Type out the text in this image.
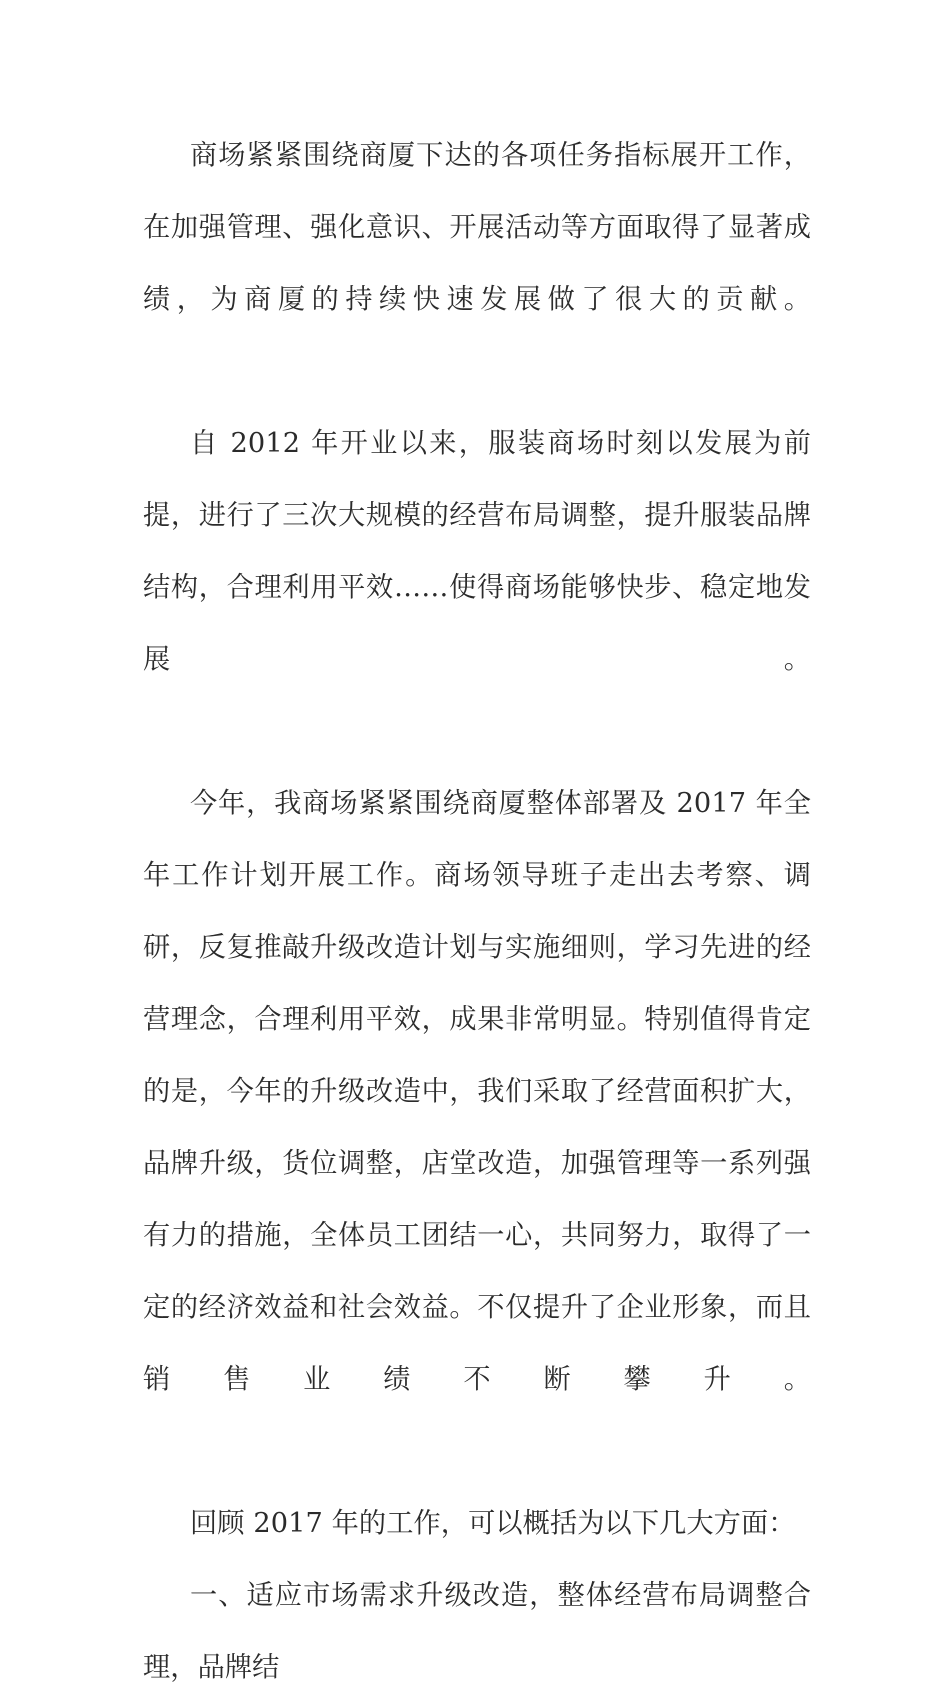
商场紧紧围绕商厦下达的各项任务指标展开工作，在加强管理、强化意识、开展活动等方面取得了显著成绩，为商厦的持续快速发展做了很大的贡献。

自 2012 年开业以来，服装商场时刻以发展为前提，进行了三次大规模的经营布局调整，提升服装品牌结构，合理利用平效……使得商场能够快步、稳定地发展。

今年，我商场紧紧围绕商厦整体部署及 2017 年全年工作计划开展工作。商场领导班子走出去考察、调研，反复推敲升级改造计划与实施细则，学习先进的经营理念，合理利用平效，成果非常明显。特别值得肯定的是，今年的升级改造中，我们采取了经营面积扩大，品牌升级，货位调整，店堂改造，加强管理等一系列强有力的措施，全体员工团结一心，共同努力，取得了一定的经济效益和社会效益。不仅提升了企业形象，而且销售业绩不断攀升。

回顾 2017 年的工作，可以概括为以下几大方面：

一、适应市场需求升级改造，整体经营布局调整合理，品牌结
